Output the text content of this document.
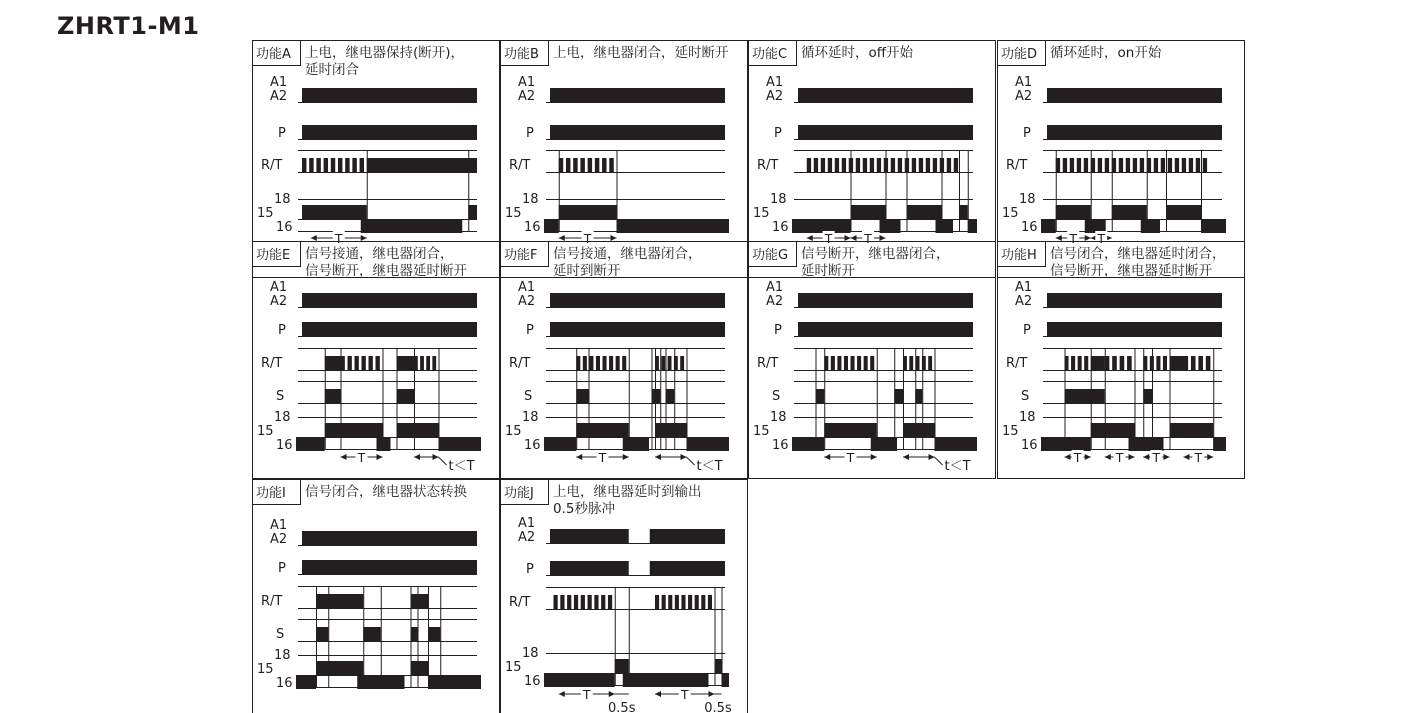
ZHRT1-M1
功能A 上电，继电器保持(断开)，
延时闭合
A1
A2
P
R/T
18
15
16
T
功能B 上电，继电器闭合，延时断开
A1
A2
P
R/T
18
15
16
T
功能C 循环延时，off开始
A1
A2
P
R/T
18
15
16
T	T
功能D 循环延时，on开始
A1
A2
P
R/T
18
15
16
T T
功能E 信号接通，继电器闭合，
信号断开，继电器延时断开
A1
A2
P
R/T
S
18
15
16
T
t＜T
功能F 信号接通，继电器闭合，
延时到断开
A1
A2
P
R/T
S
18
15
16
T
t＜T
功能G 信号断开，继电器闭合，
延时断开
A1
A2
P
R/T
S
18
15
16
T
t＜T
功能H 信号闭合，继电器延时闭合，
信号断开，继电器延时断开
A1
A2
P
R/T
S
18
15
16
T	T T	T
功能I 信号闭合，继电器状态转换
A1
A2
P
R/T
S
18
15
16
功能J 上电，继电器延时到输出
0.5秒脉冲
A1
A2
P
R/T
18
15
16
T
0.5s
T
0.5s
